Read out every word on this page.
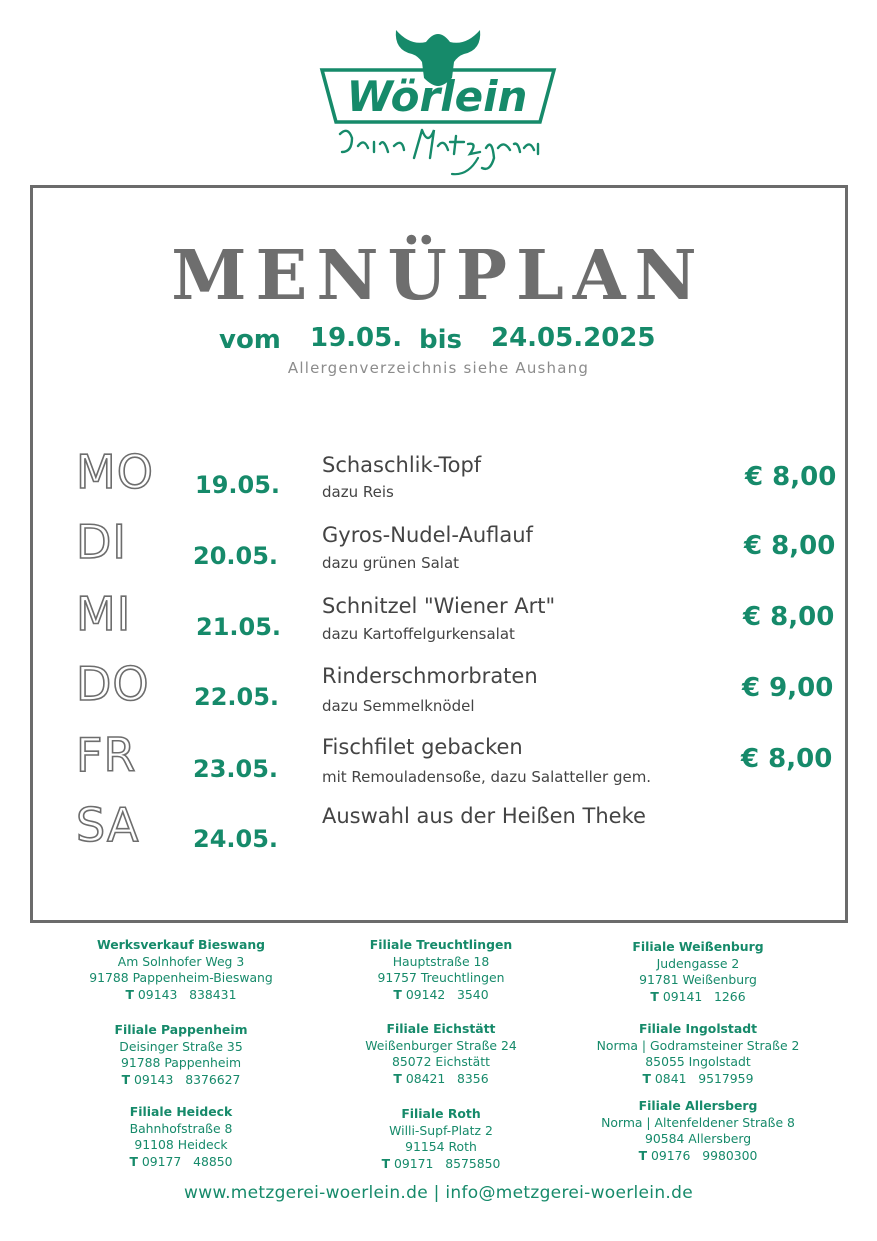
Wörlein
MENÜPLAN
vom 19.05. bis 24.05.2025
Allergenverzeichnis siehe Aushang
MO 19.05.
Schaschlik-Topf
dazu Reis	€ 8,00
DI	20.05.
Gyros-Nudel-Auflauf
dazu grünen Salat
€ 8,00
MI	21.05.
Schnitzel "Wiener Art"
dazu Kartoffelgurkensalat
€ 8,00
DO 22.05.
Rinderschmorbraten
dazu Semmelknödel
€ 9,00
FR 23.05.
Fischfilet gebacken
mit Remouladensoße, dazu Salatteller gem.
€ 8,00
SA 24.05.
Auswahl aus der Heißen Theke
Werksverkauf Bieswang
Am Solnhofer Weg 3
91788 Pappenheim-Bieswang
T 09143   838431
Filiale Pappenheim
Deisinger Straße 35
91788 Pappenheim
T 09143   8376627
Filiale Heideck
Bahnhofstraße 8
91108 Heideck
T 09177   48850
Filiale Treuchtlingen
Hauptstraße 18
91757 Treuchtlingen
T 09142   3540
Filiale Eichstätt
Weißenburger Straße 24
85072 Eichstätt
T 08421   8356
Filiale Roth
Willi-Supf-Platz 2
91154 Roth
T 09171   8575850
Filiale Weißenburg
Judengasse 2
91781 Weißenburg
T 09141   1266
Filiale Ingolstadt
Norma | Godramsteiner Straße 2
85055 Ingolstadt
T 0841   9517959
Filiale Allersberg
Norma | Altenfeldener Straße 8
90584 Allersberg
T 09176   9980300
www.metzgerei-woerlein.de | info@metzgerei-woerlein.de
